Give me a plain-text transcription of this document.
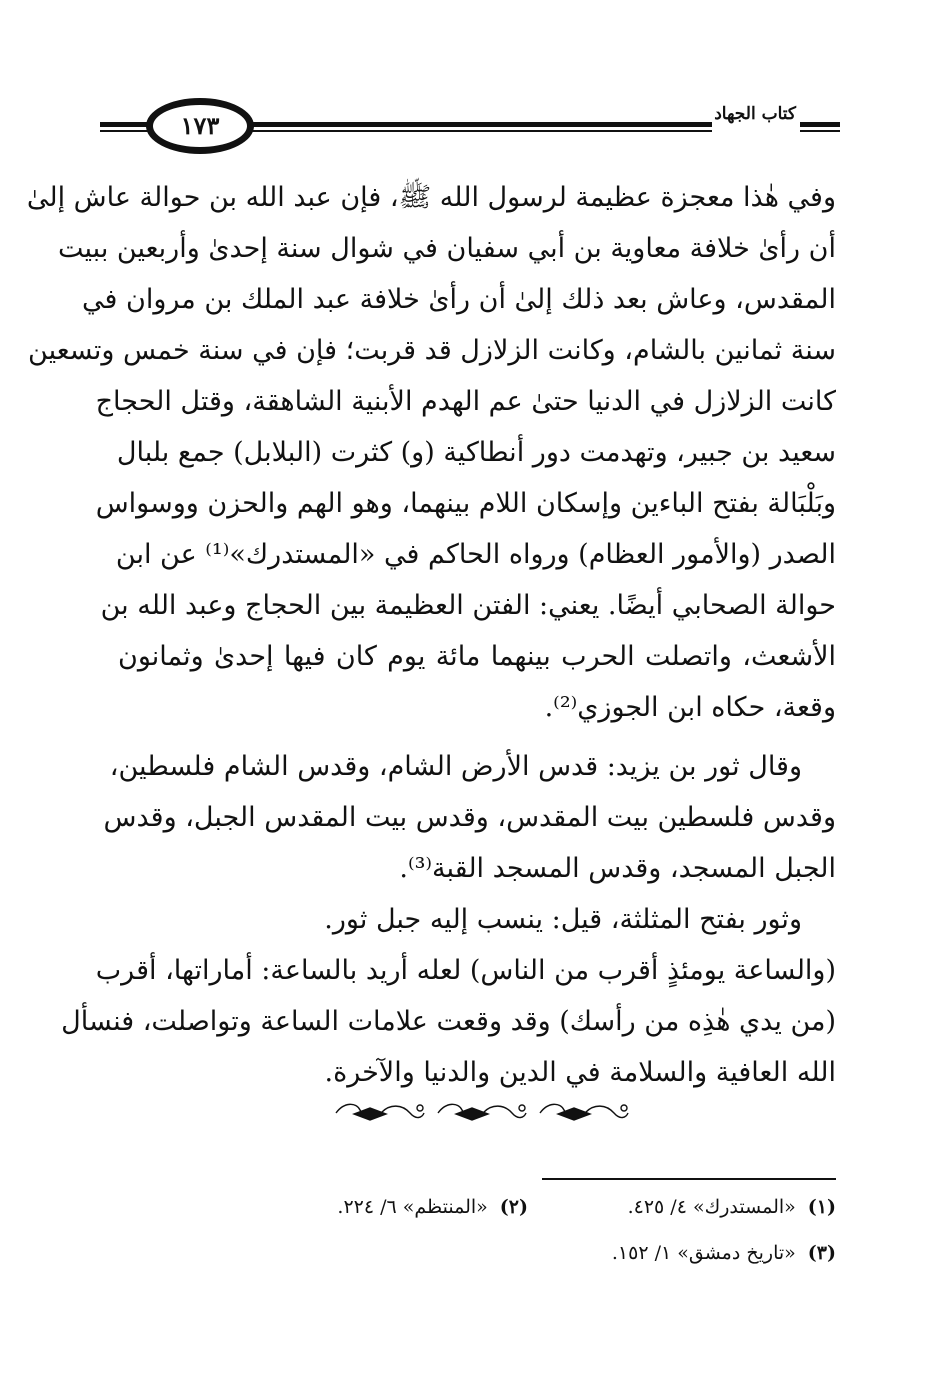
كتاب الجهاد
١٧٣
وفي هٰذا معجزة عظيمة لرسول الله ﷺ، فإن عبد الله بن حوالة عاش إلىٰ
أن رأىٰ خلافة معاوية بن أبي سفيان في شوال سنة إحدىٰ وأربعين ببيت
المقدس، وعاش بعد ذلك إلىٰ أن رأىٰ خلافة عبد الملك بن مروان في
سنة ثمانين بالشام، وكانت الزلازل قد قربت؛ فإن في سنة خمس وتسعين
كانت الزلازل في الدنيا حتىٰ عم الهدم الأبنية الشاهقة، وقتل الحجاج
سعيد بن جبير، وتهدمت دور أنطاكية (و) كثرت (البلابل) جمع بلبال
وبَلْبَالة بفتح الباءين وإسكان اللام بينهما، وهو الهم والحزن ووسواس
الصدر (والأمور العظام) ورواه الحاكم في «المستدرك»⁽¹⁾ عن ابن
حوالة الصحابي أيضًا. يعني: الفتن العظيمة بين الحجاج وعبد الله بن
الأشعث، واتصلت الحرب بينهما مائة يوم كان فيها إحدىٰ وثمانون
وقعة، حكاه ابن الجوزي⁽²⁾.
وقال ثور بن يزيد: قدس الأرض الشام، وقدس الشام فلسطين،
وقدس فلسطين بيت المقدس، وقدس بيت المقدس الجبل، وقدس
الجبل المسجد، وقدس المسجد القبة⁽³⁾.
وثور بفتح المثلثة، قيل: ينسب إليه جبل ثور.
(والساعة يومئذٍ أقرب من الناس) لعله أريد بالساعة: أماراتها، أقرب
(من يدي هٰذِه من رأسك) وقد وقعت علامات الساعة وتواصلت، فنسأل
الله العافية والسلامة في الدين والدنيا والآخرة.
(١)«المستدرك» ٤/ ٤٢٥.
(٢)«المنتظم» ٦/ ٢٢٤.
(٣)«تاريخ دمشق» ١/ ١٥٢.
